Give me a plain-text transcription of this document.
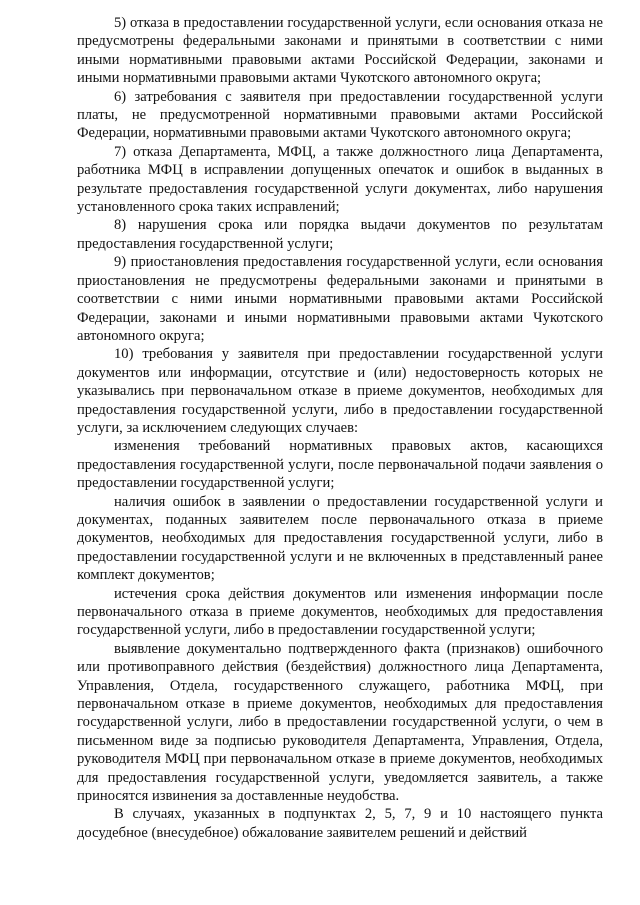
5) отказа в предоставлении государственной услуги, если основания отказа не предусмотрены федеральными законами и принятыми в соответствии с ними иными нормативными правовыми актами Российской Федерации, законами и иными нормативными правовыми актами Чукотского автономного округа;

6) затребования с заявителя при предоставлении государственной услуги платы, не предусмотренной нормативными правовыми актами Российской Федерации, нормативными правовыми актами Чукотского автономного округа;

7) отказа Департамента, МФЦ, а также должностного лица Департамента, работника МФЦ в исправлении допущенных опечаток и ошибок в выданных в результате предоставления государственной услуги документах, либо нарушения установленного срока таких исправлений;

8) нарушения срока или порядка выдачи документов по результатам предоставления государственной услуги;

9) приостановления предоставления государственной услуги, если основания приостановления не предусмотрены федеральными законами и принятыми в соответствии с ними иными нормативными правовыми актами Российской Федерации, законами и иными нормативными правовыми актами Чукотского автономного округа;

10) требования у заявителя при предоставлении государственной услуги документов или информации, отсутствие и (или) недостоверность которых не указывались при первоначальном отказе в приеме документов, необходимых для предоставления государственной услуги, либо в предоставлении государственной услуги, за исключением следующих случаев:

изменения требований нормативных правовых актов, касающихся предоставления государственной услуги, после первоначальной подачи заявления о предоставлении государственной услуги;

наличия ошибок в заявлении о предоставлении государственной услуги и документах, поданных заявителем после первоначального отказа в приеме документов, необходимых для предоставления государственной услуги, либо в предоставлении государственной услуги и не включенных в представленный ранее комплект документов;

истечения срока действия документов или изменения информации после первоначального отказа в приеме документов, необходимых для предоставления государственной услуги, либо в предоставлении государственной услуги;

выявление документально подтвержденного факта (признаков) ошибочного или противоправного действия (бездействия) должностного лица Департамента, Управления, Отдела, государственного служащего, работника МФЦ, при первоначальном отказе в приеме документов, необходимых для предоставления государственной услуги, либо в предоставлении государственной услуги, о чем в письменном виде за подписью руководителя Департамента, Управления, Отдела, руководителя МФЦ при первоначальном отказе в приеме документов, необходимых для предоставления государственной услуги, уведомляется заявитель, а также приносятся извинения за доставленные неудобства.

В случаях, указанных в подпунктах 2, 5, 7, 9 и 10 настоящего пункта досудебное (внесудебное) обжалование заявителем решений и действий
